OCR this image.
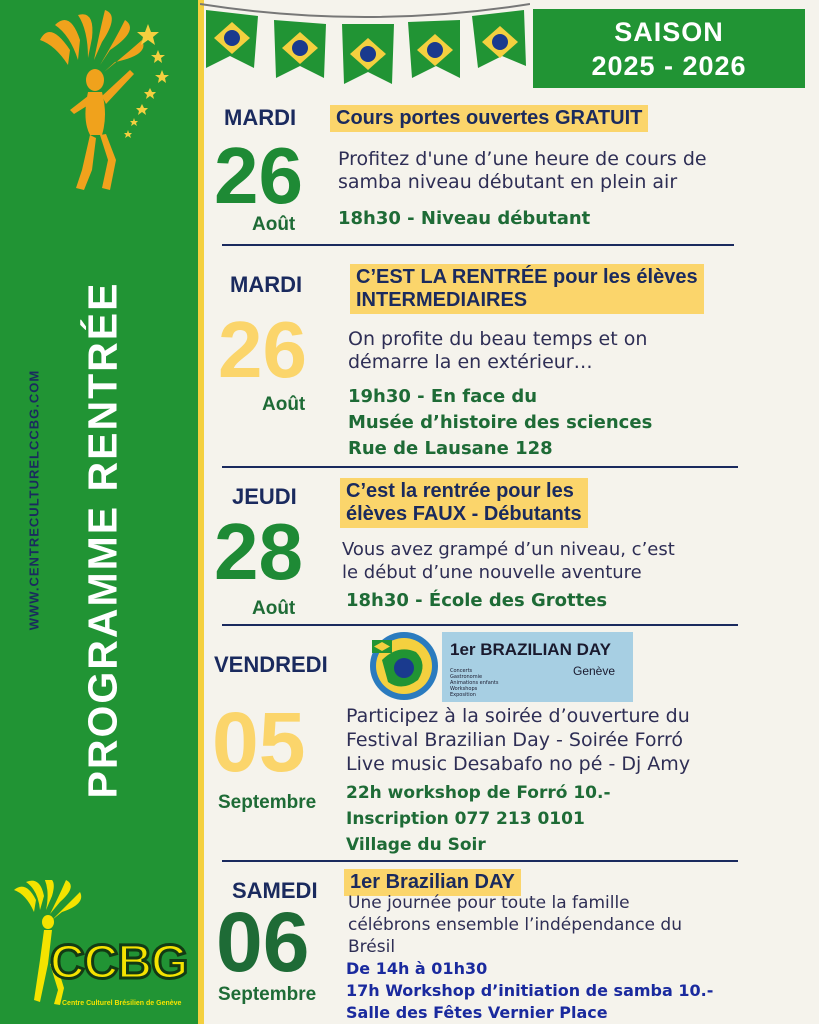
PROGRAMME RENTRÉE
WWW.CENTRECULTURELCCBG.COM
CCBG
Centre Culturel Brésilien de Genève
SAISON
2025 - 2026
MARDI
26
Août
Cours portes ouvertes GRATUIT
Profitez d'une d’une heure de cours de
samba niveau débutant en plein air
18h30 - Niveau débutant
MARDI
26
Août
C’EST LA RENTRÉE pour les élèves
INTERMEDIAIRES
On profite du beau temps et on
démarre la en extérieur…
19h30 - En face du
Musée d’histoire des sciences
Rue de Lausane 128
JEUDI
28
Août
C’est la rentrée pour les
élèves FAUX - Débutants
Vous avez grampé d’un niveau, c’est
le début d’une nouvelle aventure
18h30 - École des Grottes
VENDREDI
1er BRAZILIAN DAY
Genève
Concerts
Gastronomie
Animations enfants
Workshops
Exposition
05
Septembre
Participez à la soirée d’ouverture du
Festival Brazilian Day - Soirée Forró
Live music Desabafo no pé - Dj Amy
22h workshop de Forró 10.-
Inscription 077 213 0101
Village du Soir
SAMEDI	1er Brazilian DAY
06
Septembre
Une journée pour toute la famille
célébrons ensemble l’indépendance du
Brésil
De 14h à 01h30
17h Workshop d’initiation de samba 10.-
Salle des Fêtes Vernier Place
